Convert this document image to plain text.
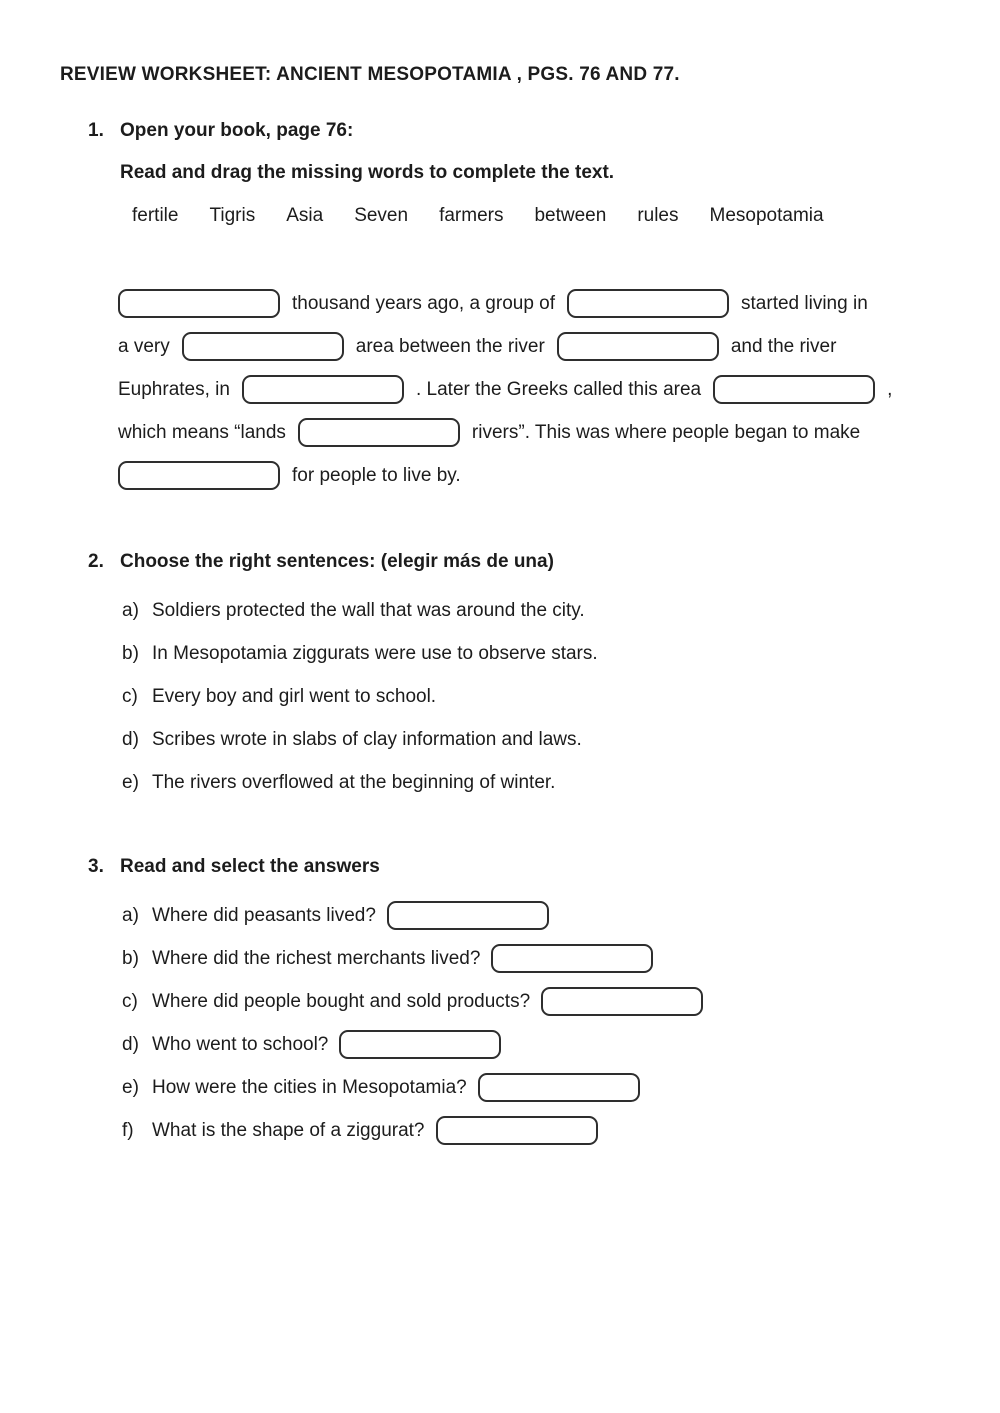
REVIEW WORKSHEET: ANCIENT MESOPOTAMIA , PGS. 76 AND 77.
1. Open your book, page 76:
Read and drag the missing words to complete the text.
fertile Tigris Asia Seven farmers between rules Mesopotamia
thousand years ago, a group of	started living in
a very	area between the river	and the river
Euphrates, in	. Later the Greeks called this area	,
which means “lands	rivers”. This was where people began to make
for people to live by.
2. Choose the right sentences: (elegir más de una)
a) Soldiers protected the wall that was around the city.
b) In Mesopotamia ziggurats were use to observe stars.
c) Every boy and girl went to school.
d) Scribes wrote in slabs of clay information and laws.
e) The rivers overflowed at the beginning of winter.
3. Read and select the answers
a) Where did peasants lived?
b) Where did the richest merchants lived?
c) Where did people bought and sold products?
d) Who went to school?
e) How were the cities in Mesopotamia?
f) What is the shape of a ziggurat?
